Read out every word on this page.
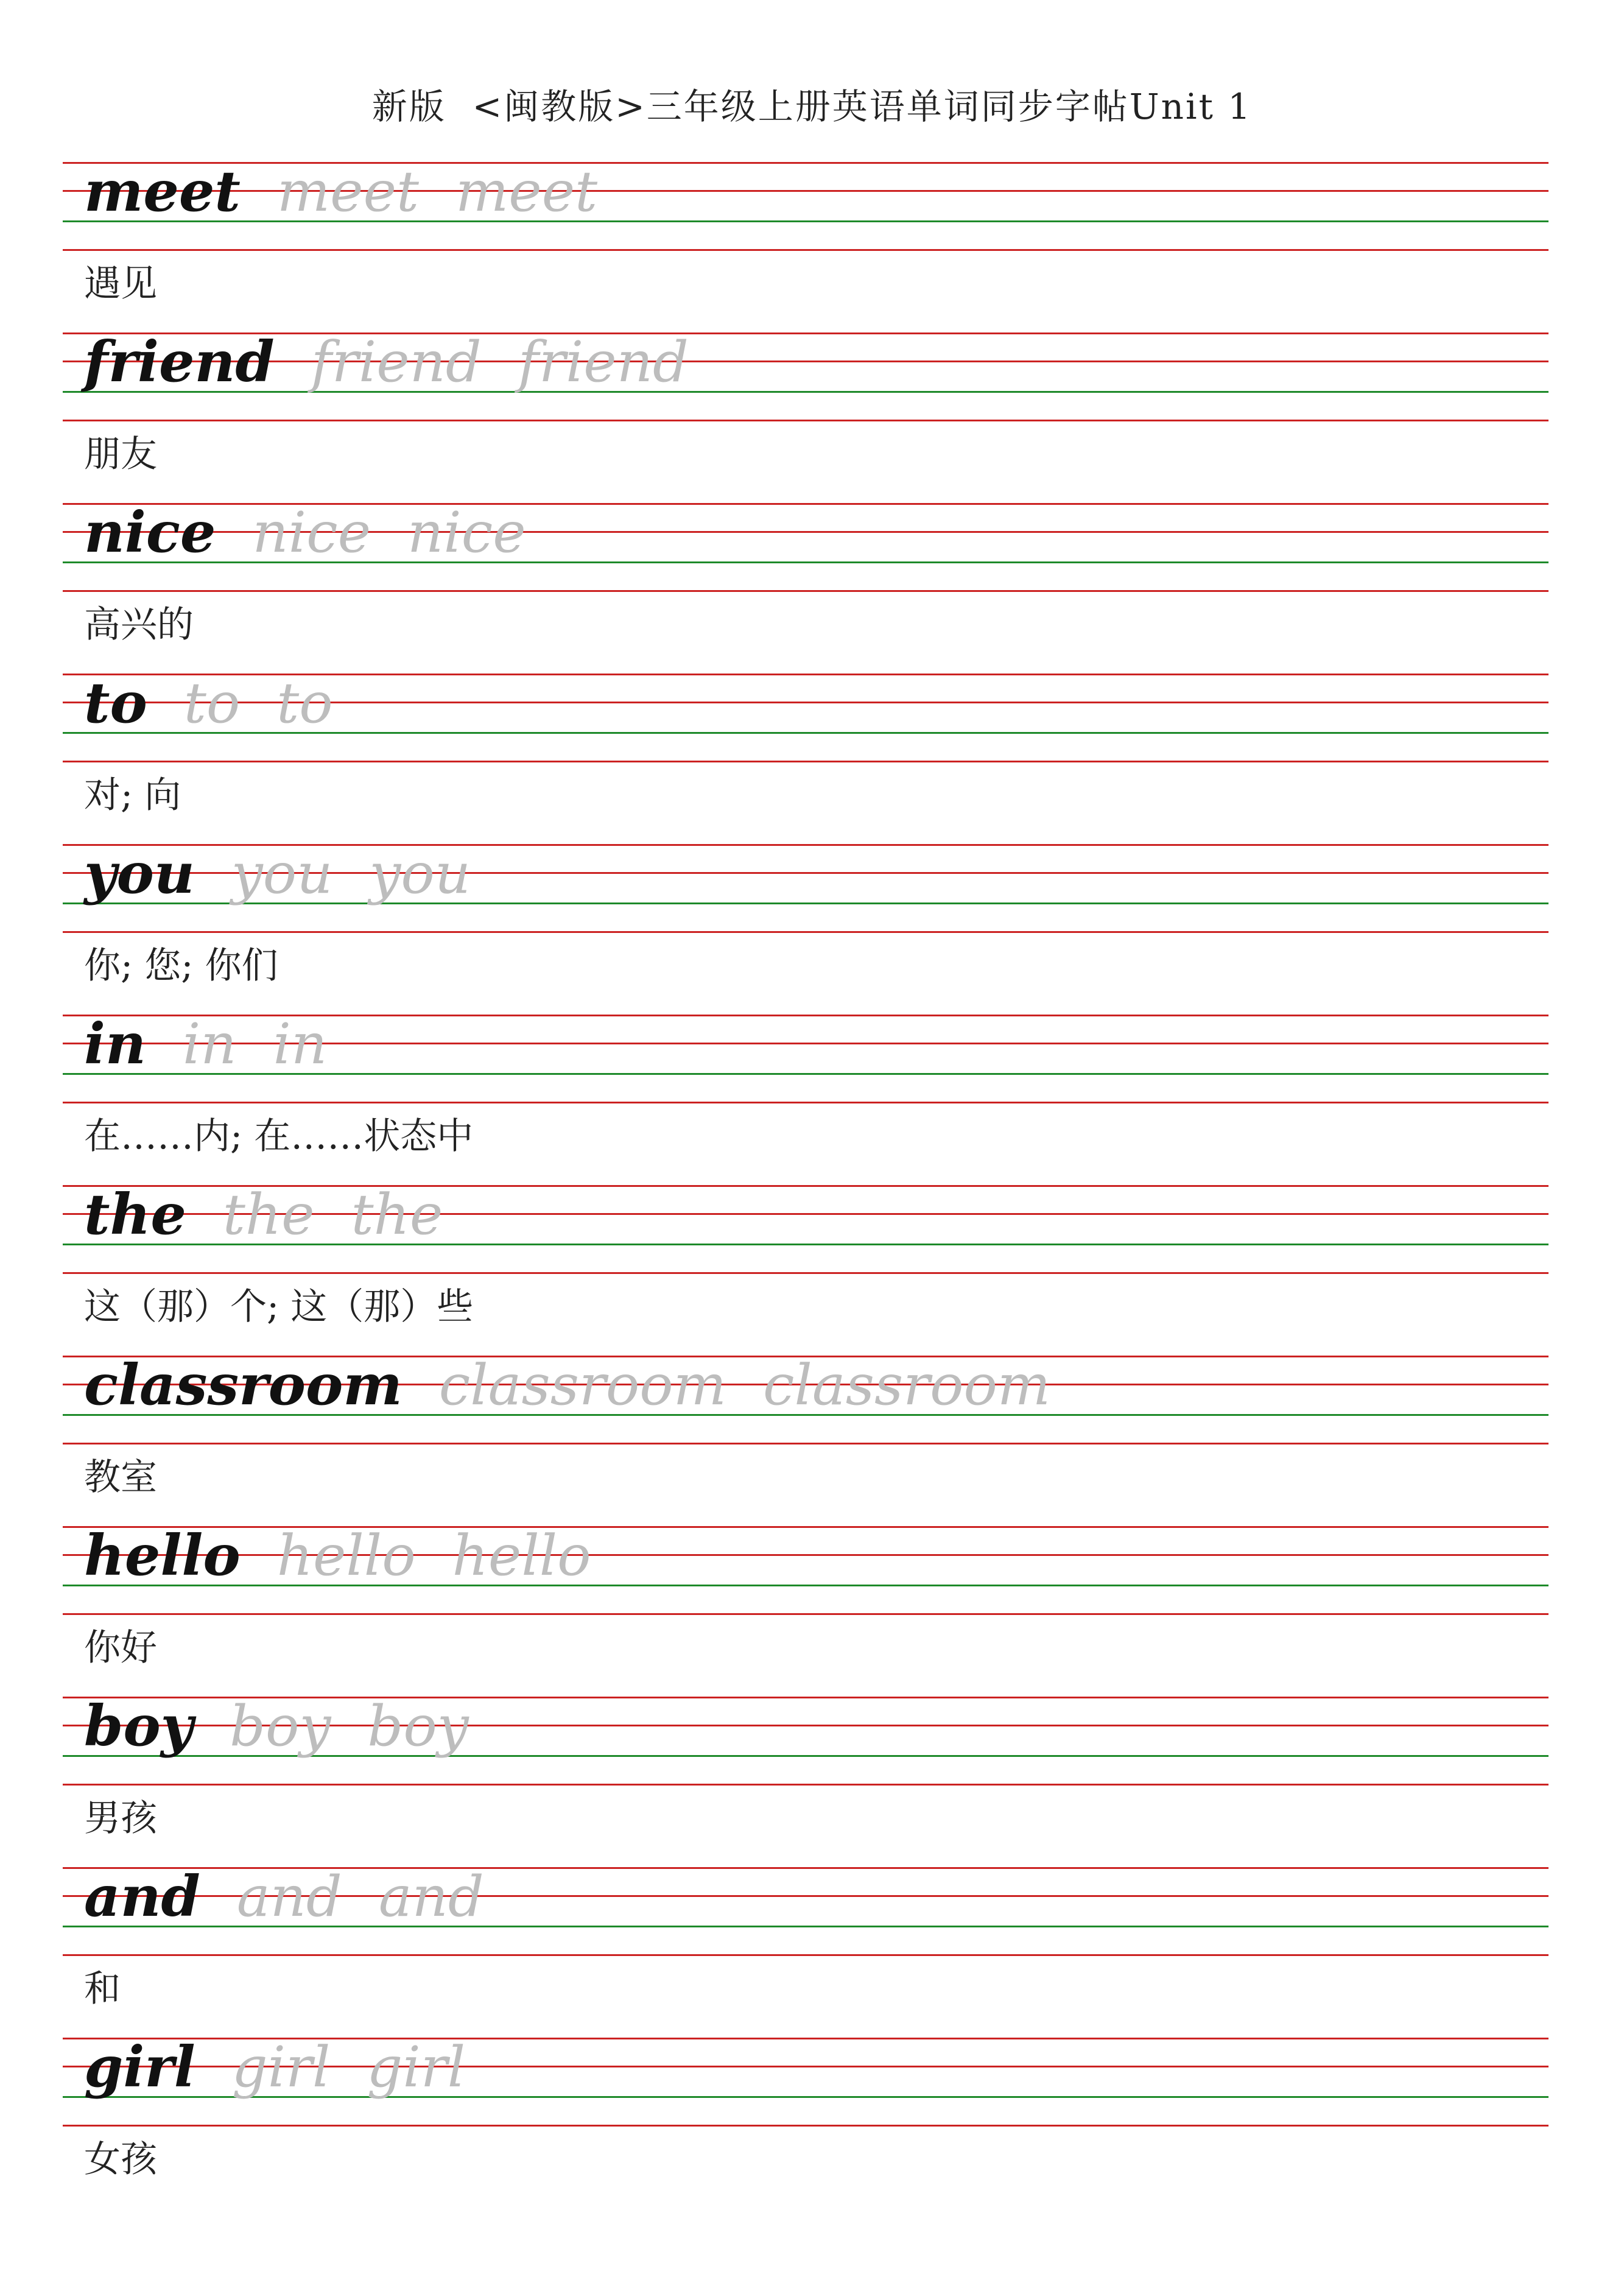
新版  <闽教版>三年级上册英语单词同步字帖Unit 1
meet meet meet
遇见
friend friend friend
朋友
nice nice nice
高兴的
to to to
对; 向
you you you
你; 您; 你们
in in in
在……内; 在……状态中
the the the
这（那）个; 这（那）些
classroom classroom classroom
教室
hello hello hello
你好
boy boy boy
男孩
and and and
和
girl girl girl
女孩
